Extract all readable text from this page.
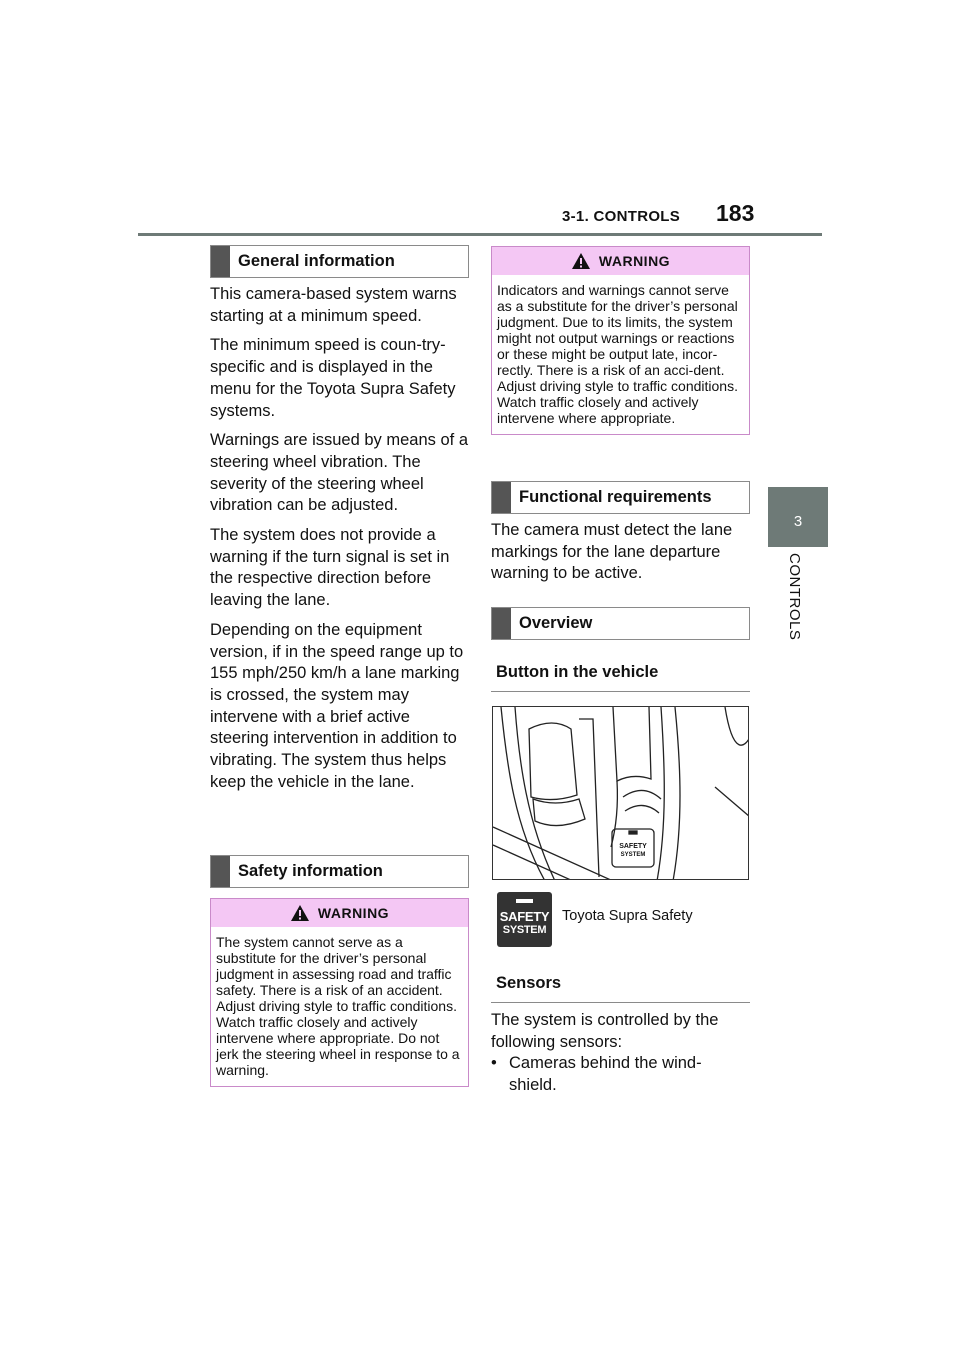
3-1. CONTROLS 183
3
CONTROLS
General information

This camera-based system warns starting at a minimum speed.

The minimum speed is coun-try-specific and is displayed in the menu for the Toyota Supra Safety systems.

Warnings are issued by means of a steering wheel vibration. The severity of the steering wheel vibration can be adjusted.

The system does not provide a warning if the turn signal is set in the respective direction before leaving the lane.

Depending on the equipment version, if in the speed range up to 155 mph/250 km/h a lane marking is crossed, the system may intervene with a brief active steering intervention in addition to vibrating. The system thus helps keep the vehicle in the lane.

Safety information
WARNING
The system cannot serve as a substitute for the driver’s personal judgment in assessing road and traffic safety. There is a risk of an accident. Adjust driving style to traffic conditions. Watch traffic closely and actively intervene where appropriate. Do not jerk the steering wheel in response to a warning.
WARNING
Indicators and warnings cannot serve as a substitute for the driver’s personal judgment. Due to its limits, the system might not output warnings or reactions or these might be output late, incor-rectly. There is a risk of an acci-dent. Adjust driving style to traffic conditions. Watch traffic closely and actively intervene where appropriate.
Functional requirements
The camera must detect the lane markings for the lane departure warning to be active.
Overview
Button in the vehicle
SAFETY
SYSTEM
SAFETY
SYSTEM
Toyota Supra Safety
Sensors
The system is controlled by the following sensors:
• Cameras behind the wind-shield.
